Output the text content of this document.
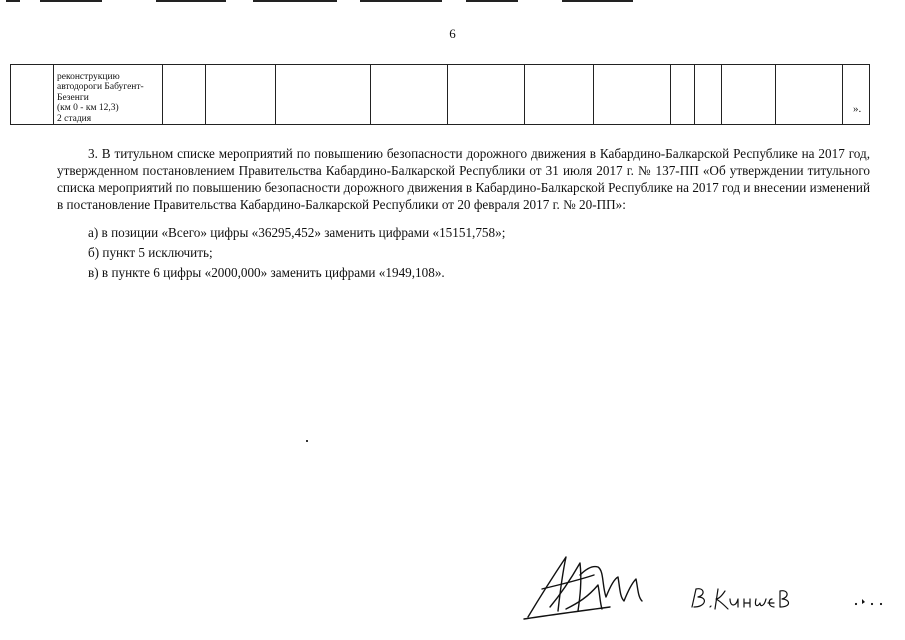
6

реконструкцию
автодороги Бабугент-
Безенги
(км 0 - км 12,3)
2 стадия

».

3. В титульном списке мероприятий по повышению безопасности дорожного движения в Кабардино-Балкарской Республике на 2017 год, утвержденном постановлением Правительства Кабардино-Балкарской Республики от 31 июля 2017 г. № 137-ПП «Об утверждении титульного списка мероприятий по повышению безопасности дорожного движения в Кабардино-Балкарской Республике на 2017 год и внесении изменений в постановление Правительства Кабардино-Балкарской Республики от 20 февраля 2017 г. № 20-ПП»:

а) в позиции «Всего» цифры «36295,452» заменить цифрами «15151,758»;

б) пункт 5 исключить;

в) в пункте 6 цифры «2000,000» заменить цифрами «1949,108».
